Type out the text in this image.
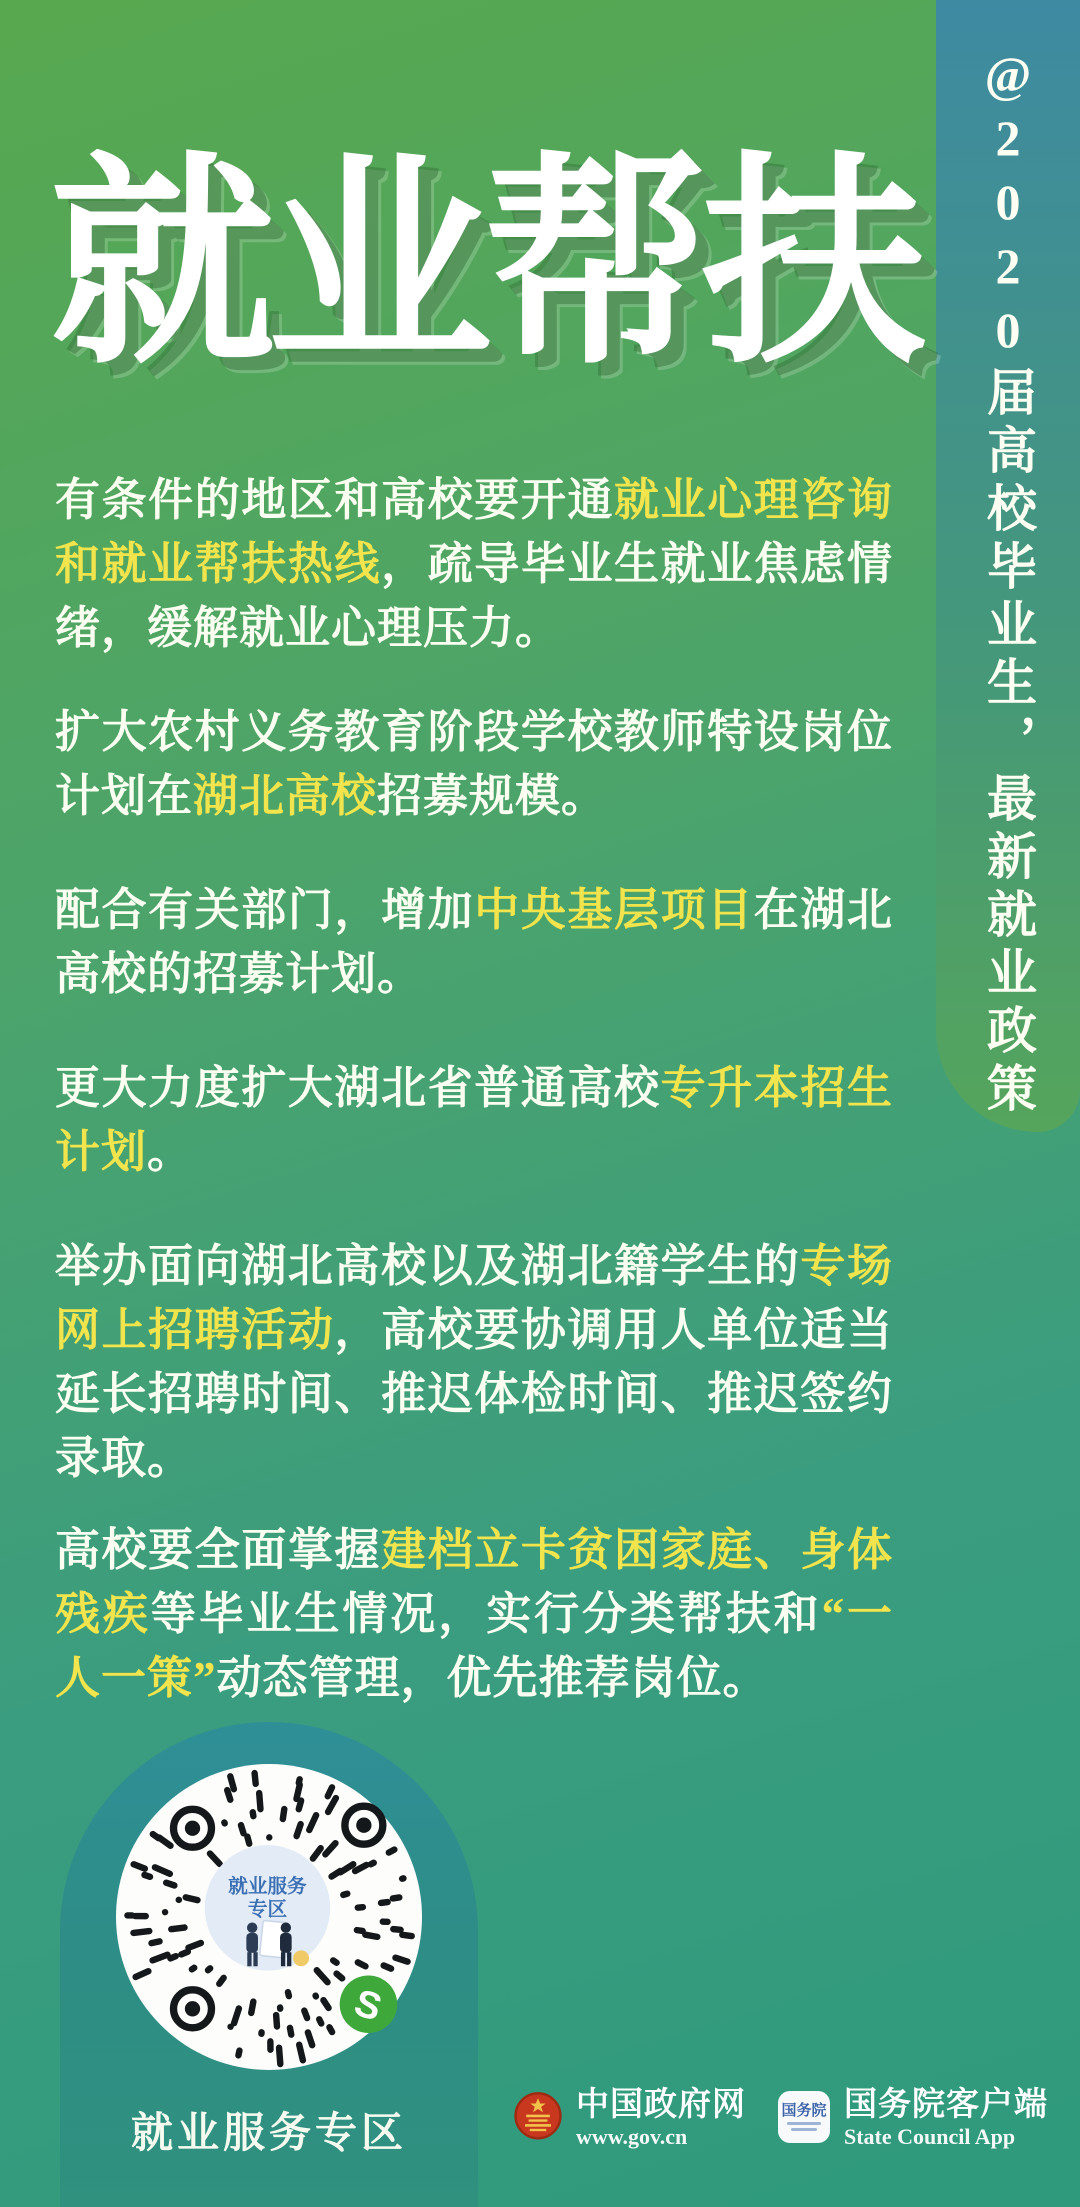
@2020届高校毕业生，最新就业政策
就业帮扶

有条件的地区和高校要开通就业心理咨询和就业帮扶热线，疏导毕业生就业焦虑情绪，缓解就业心理压力。

扩大农村义务教育阶段学校教师特设岗位计划在湖北高校招募规模。

配合有关部门，增加中央基层项目在湖北高校的招募计划。

更大力度扩大湖北省普通高校专升本招生计划。

举办面向湖北高校以及湖北籍学生的专场网上招聘活动，高校要协调用人单位适当延长招聘时间、推迟体检时间、推迟签约录取。

高校要全面掌握建档立卡贫困家庭、身体残疾等毕业生情况，实行分类帮扶和“一人一策”动态管理，优先推荐岗位。

就业服务
专区
S
就业服务专区
中国政府网
www.gov.cn
国务院 国务院客户端
State Council App
